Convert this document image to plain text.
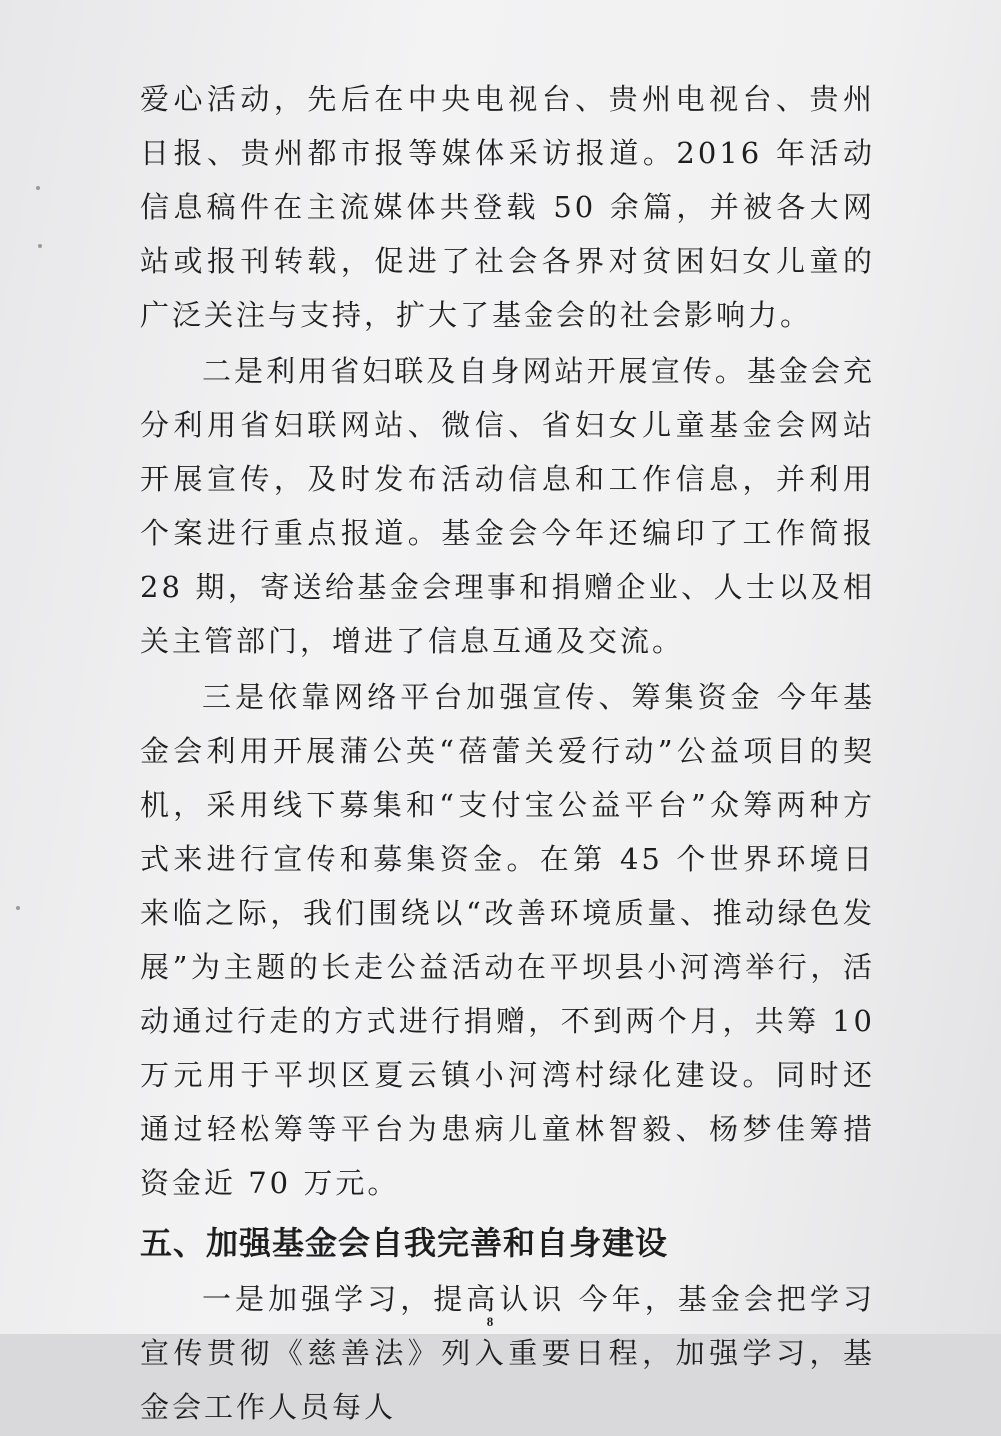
爱心活动，先后在中央电视台、贵州电视台、贵州日报、贵州都市报等媒体采访报道。2016 年活动信息稿件在主流媒体共登载 50 余篇，并被各大网站或报刊转载，促进了社会各界对贫困妇女儿童的广泛关注与支持，扩大了基金会的社会影响力。

二是利用省妇联及自身网站开展宣传。基金会充分利用省妇联网站、微信、省妇女儿童基金会网站开展宣传，及时发布活动信息和工作信息，并利用个案进行重点报道。基金会今年还编印了工作简报 28 期，寄送给基金会理事和捐赠企业、人士以及相关主管部门，增进了信息互通及交流。

三是依靠网络平台加强宣传、筹集资金 今年基金会利用开展蒲公英“蓓蕾关爱行动”公益项目的契机，采用线下募集和“支付宝公益平台”众筹两种方式来进行宣传和募集资金。在第 45 个世界环境日来临之际，我们围绕以“改善环境质量、推动绿色发展”为主题的长走公益活动在平坝县小河湾举行，活动通过行走的方式进行捐赠，不到两个月，共筹 10 万元用于平坝区夏云镇小河湾村绿化建设。同时还通过轻松筹等平台为患病儿童林智毅、杨梦佳筹措资金近 70 万元。

五、加强基金会自我完善和自身建设

一是加强学习，提高认识 今年，基金会把学习宣传贯彻《慈善法》列入重要日程，加强学习，基金会工作人员每人

8
